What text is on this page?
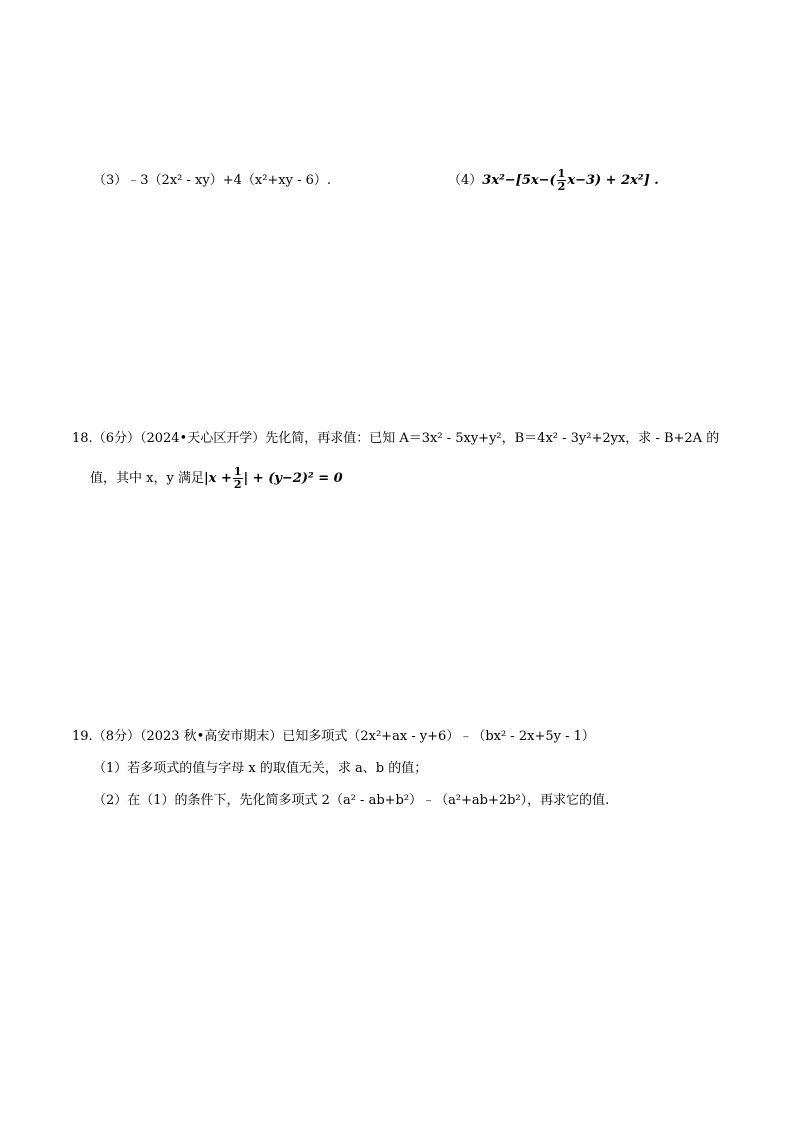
（3）﹣3（2x² - xy）+4（x²+xy - 6）.	$(4)3x^2-[5x-( \frac{1}{2} x-3) + 2x^2]$ .
18.（6分）（2024•天心区开学）先化简，再求值：已知 A＝3x² - 5xy+y²，B＝4x² - 3y²+2yx，求 - B+2A 的
值，其中 x，y 满足$|x + \frac{1}{2}$ | + (y−2)² = 0
19.（8分）（2023 秋•高安市期末）已知多项式（2x²+ax - y+6）﹣（bx² - 2x+5y - 1）
（1）若多项式的值与字母 x 的取值无关，求 a、b 的值；
（2）在（1）的条件下，先化简多项式 2（a² - ab+b²）﹣（a²+ab+2b²），再求它的值.
